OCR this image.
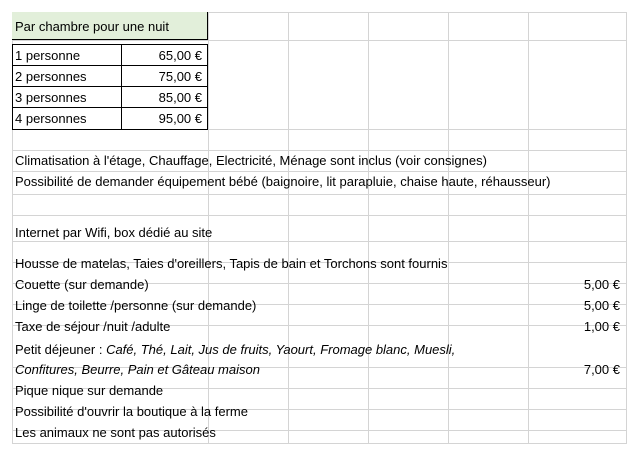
Par chambre pour une nuit
1 personne	65,00 €
2 personnes	75,00 €
3 personnes	85,00 €
4 personnes	95,00 €
Climatisation à l'étage, Chauffage, Electricité, Ménage sont inclus (voir consignes)
Possibilité de demander équipement bébé (baignoire, lit parapluie, chaise haute, réhausseur)
Internet par Wifi, box dédié au site
Housse de matelas, Taies d'oreillers, Tapis de bain et Torchons sont fournis
Couette (sur demande)	5,00 €
Linge de toilette /personne (sur demande)	5,00 €
Taxe de séjour /nuit /adulte	1,00 €
Petit déjeuner : Café, Thé, Lait, Jus de fruits, Yaourt, Fromage blanc, Muesli,
Confitures, Beurre, Pain et Gâteau maison	7,00 €
Pique nique sur demande
Possibilité d'ouvrir la boutique à la ferme
Les animaux ne sont pas autorisés
